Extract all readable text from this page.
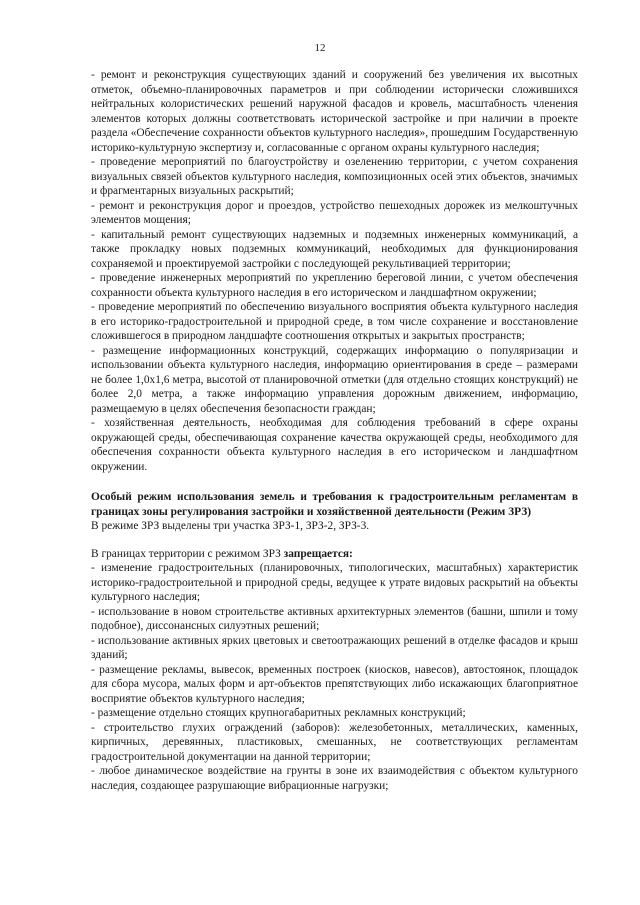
12

- ремонт и реконструкция существующих зданий и сооружений без увеличения их высотных отметок, объемно-планировочных параметров и при соблюдении исторически сложившихся нейтральных колористических решений наружной фасадов и кровель, масштабность членения элементов которых должны соответствовать исторической застройке и при наличии в проекте раздела «Обеспечение сохранности объектов культурного наследия», прошедшим Государственную историко-культурную экспертизу и, согласованные с органом охраны культурного наследия;

- проведение мероприятий по благоустройству и озеленению территории, с учетом сохранения визуальных связей объектов культурного наследия, композиционных осей этих объектов, значимых и фрагментарных визуальных раскрытий;

- ремонт и реконструкция дорог и проездов, устройство пешеходных дорожек из мелкоштучных элементов мощения;

- капитальный ремонт существующих надземных и подземных инженерных коммуникаций, а также прокладку новых подземных коммуникаций, необходимых для функционирования сохраняемой и проектируемой застройки с последующей рекультивацией территории;

- проведение инженерных мероприятий по укреплению береговой линии, с учетом обеспечения сохранности объекта культурного наследия в его историческом и ландшафтном окружении;

- проведение мероприятий по обеспечению визуального восприятия объекта культурного наследия в его историко-градостроительной и природной среде, в том числе сохранение и восстановление сложившегося в природном ландшафте соотношения открытых и закрытых пространств;

- размещение информационных конструкций, содержащих информацию о популяризации и использовании объекта культурного наследия, информацию ориентирования в среде – размерами не более 1,0х1,6 метра, высотой от планировочной отметки (для отдельно стоящих конструкций) не более 2,0 метра, а также информацию управления дорожным движением, информацию, размещаемую в целях обеспечения безопасности граждан;

- хозяйственная деятельность, необходимая для соблюдения требований в сфере охраны окружающей среды, обеспечивающая сохранение качества окружающей среды, необходимого для обеспечения сохранности объекта культурного наследия в его историческом и ландшафтном окружении.

Особый режим использования земель и требования к градостроительным регламентам в границах зоны регулирования застройки и хозяйственной деятельности (Режим ЗРЗ)

В режиме ЗРЗ выделены три участка ЗРЗ-1, ЗРЗ-2, ЗРЗ-3.

В границах территории с режимом ЗРЗ запрещается:

- изменение градостроительных (планировочных, типологических, масштабных) характеристик историко-градостроительной и природной среды, ведущее к утрате видовых раскрытий на объекты культурного наследия;

- использование в новом строительстве активных архитектурных элементов (башни, шпили и тому подобное), диссонансных силуэтных решений;

- использование активных ярких цветовых и светоотражающих решений в отделке фасадов и крыш зданий;

- размещение рекламы, вывесок, временных построек (киосков, навесов), автостоянок, площадок для сбора мусора, малых форм и арт-объектов препятствующих либо искажающих благоприятное восприятие объектов культурного наследия;

- размещение отдельно стоящих крупногабаритных рекламных конструкций;

- строительство глухих ограждений (заборов): железобетонных, металлических, каменных, кирпичных, деревянных, пластиковых, смешанных, не соответствующих регламентам градостроительной документации на данной территории;

- любое динамическое воздействие на грунты в зоне их взаимодействия с объектом культурного наследия, создающее разрушающие вибрационные нагрузки;
